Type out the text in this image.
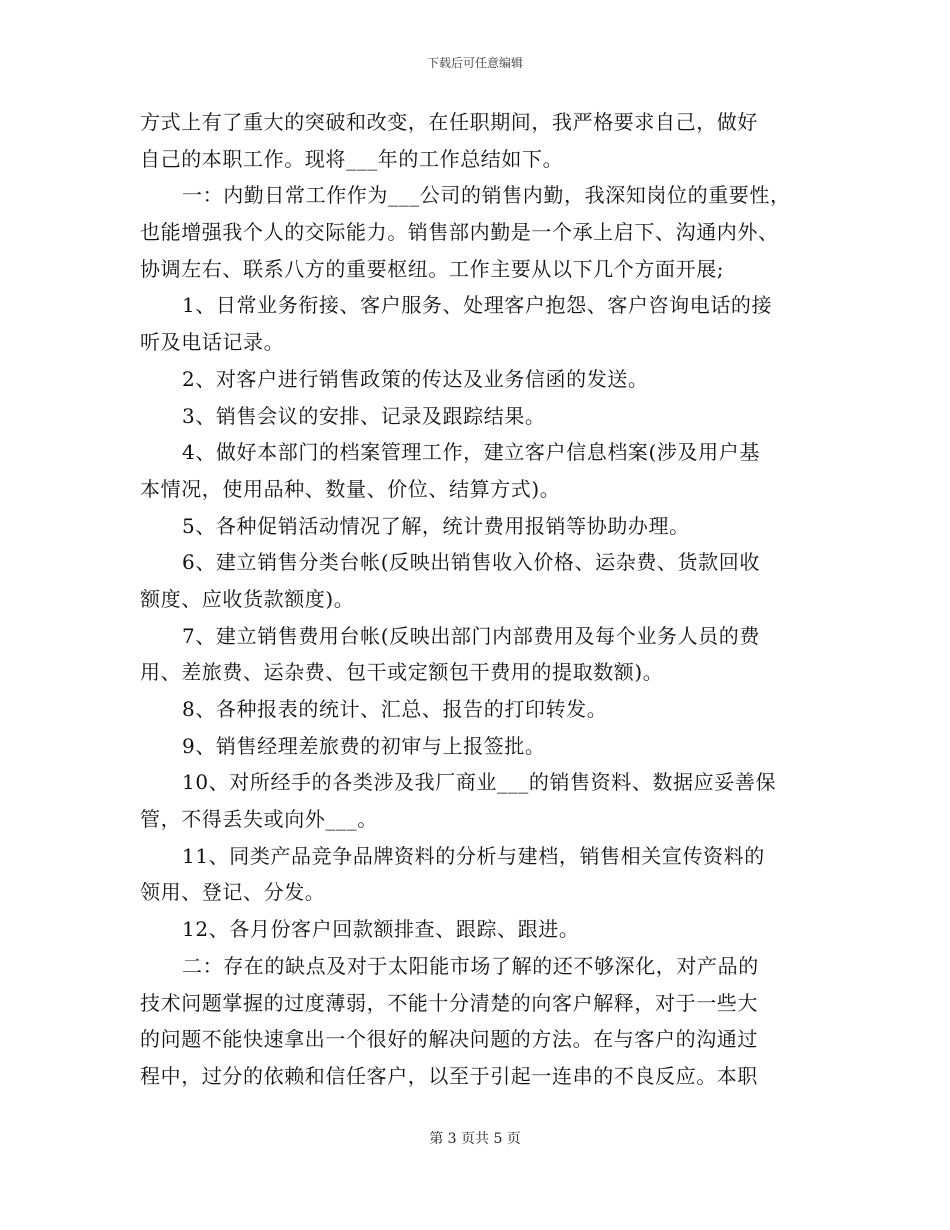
下载后可任意编辑
方式上有了重大的突破和改变，在任职期间，我严格要求自己，做好
自己的本职工作。现将___年的工作总结如下。
一：内勤日常工作作为___公司的销售内勤，我深知岗位的重要性，
也能增强我个人的交际能力。销售部内勤是一个承上启下、沟通内外、
协调左右、联系八方的重要枢纽。工作主要从以下几个方面开展;
1、日常业务衔接、客户服务、处理客户抱怨、客户咨询电话的接
听及电话记录。
2、对客户进行销售政策的传达及业务信函的发送。
3、销售会议的安排、记录及跟踪结果。
4、做好本部门的档案管理工作，建立客户信息档案(涉及用户基
本情况，使用品种、数量、价位、结算方式)。
5、各种促销活动情况了解，统计费用报销等协助办理。
6、建立销售分类台帐(反映出销售收入价格、运杂费、货款回收
额度、应收货款额度)。
7、建立销售费用台帐(反映出部门内部费用及每个业务人员的费
用、差旅费、运杂费、包干或定额包干费用的提取数额)。
8、各种报表的统计、汇总、报告的打印转发。
9、销售经理差旅费的初审与上报签批。
10、对所经手的各类涉及我厂商业___的销售资料、数据应妥善保
管，不得丢失或向外___。
11、同类产品竞争品牌资料的分析与建档，销售相关宣传资料的
领用、登记、分发。
12、各月份客户回款额排查、跟踪、跟进。
二：存在的缺点及对于太阳能市场了解的还不够深化，对产品的
技术问题掌握的过度薄弱，不能十分清楚的向客户解释，对于一些大
的问题不能快速拿出一个很好的解决问题的方法。在与客户的沟通过
程中，过分的依赖和信任客户，以至于引起一连串的不良反应。本职
第 3 页共 5 页
